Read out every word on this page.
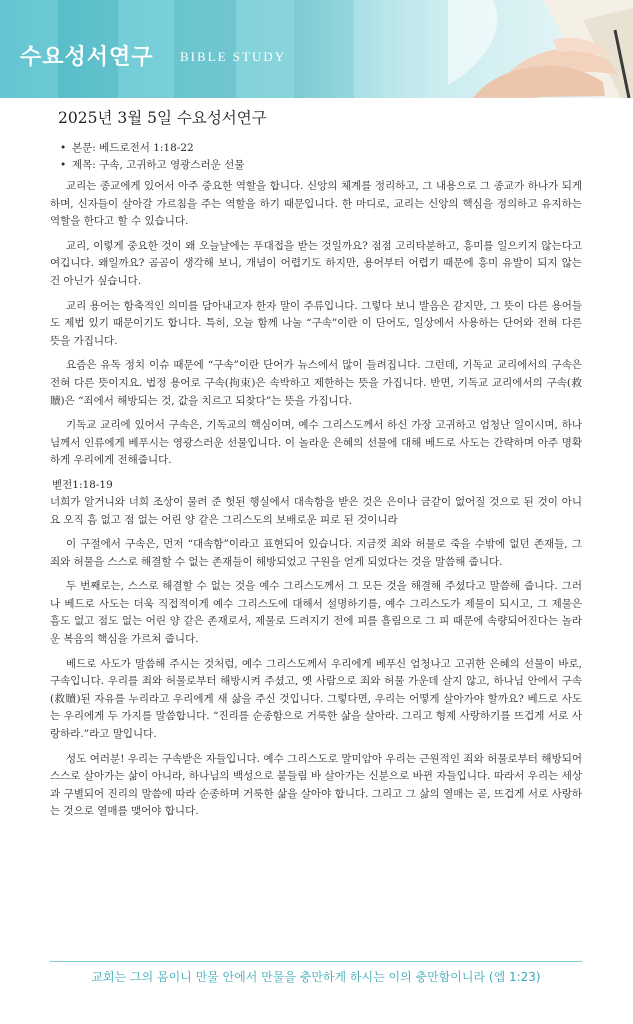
수요성서연구 BIBLE STUDY
2025년 3월 5일 수요성서연구
• 본문: 베드로전서 1:18-22
• 제목: 구속, 고귀하고 영광스러운 선물

교리는 종교에게 있어서 아주 중요한 역할을 합니다. 신앙의 체계를 정리하고, 그 내용으로 그 종교가 하나가 되게 하며, 신자들이 살아갈 가르침을 주는 역할을 하기 때문입니다. 한 마디로, 교리는 신앙의 핵심을 정의하고 유지하는 역할을 한다고 할 수 있습니다.

교리, 이렇게 중요한 것이 왜 오늘날에는 푸대접을 받는 것일까요? 점점 고리타분하고, 흥미를 일으키지 않는다고 여깁니다. 왜일까요? 곰곰이 생각해 보니, 개념이 어렵기도 하지만, 용어부터 어렵기 때문에 흥미 유발이 되지 않는 건 아닌가 싶습니다.

교리 용어는 함축적인 의미를 담아내고자 한자 말이 주류입니다. 그렇다 보니 발음은 같지만, 그 뜻이 다른 용어들도 제법 있기 때문이기도 합니다. 특히, 오늘 함께 나눌 “구속”이란 이 단어도, 일상에서 사용하는 단어와 전혀 다른 뜻을 가집니다.

요즘은 유독 정치 이슈 때문에 “구속”이란 단어가 뉴스에서 많이 들려집니다. 그런데, 기독교 교리에서의 구속은 전혀 다른 뜻이지요. 법정 용어로 구속(拘束)은 속박하고 제한하는 뜻을 가집니다. 반면, 기독교 교리에서의 구속(救贖)은 “죄에서 해방되는 것, 값을 치르고 되찾다”는 뜻을 가집니다.

기독교 교리에 있어서 구속은, 기독교의 핵심이며, 예수 그리스도께서 하신 가장 고귀하고 엄청난 일이시며, 하나님께서 인류에게 베푸시는 영광스러운 선물입니다. 이 놀라운 은혜의 선물에 대해 베드로 사도는 간략하며 아주 명확하게 우리에게 전해줍니다.

벧전1:18-19

너희가 알거니와 너희 조상이 물려 준 헛된 행실에서 대속함을 받은 것은 은이나 금같이 없어질 것으로 된 것이 아니요 오직 흠 없고 점 없는 어린 양 같은 그리스도의 보배로운 피로 된 것이니라

이 구절에서 구속은, 먼저 “대속함”이라고 표현되어 있습니다. 지금껏 죄와 허물로 죽을 수밖에 없던 존재들, 그 죄와 허물을 스스로 해결할 수 없는 존재들이 해방되었고 구원을 얻게 되었다는 것을 말씀해 줍니다.

두 번째로는, 스스로 해결할 수 없는 것을 예수 그리스도께서 그 모든 것을 해결해 주셨다고 말씀해 줍니다. 그러나 베드로 사도는 더욱 직접적이게 예수 그리스도에 대해서 설명하기를, 예수 그리스도가 제물이 되시고, 그 제물은 흠도 없고 점도 없는 어린 양 같은 존재로서, 제물로 드려지기 전에 피를 흘림으로 그 피 때문에 속량되어진다는 놀라운 복음의 핵심을 가르쳐 줍니다.

베드로 사도가 말씀해 주시는 것처럼, 예수 그리스도께서 우리에게 베푸신 엄청나고 고귀한 은혜의 선물이 바로, 구속입니다. 우리를 죄와 허물로부터 해방시켜 주셨고, 옛 사람으로 죄와 허물 가운데 살지 않고, 하나님 안에서 구속(救贖)된 자유를 누리라고 우리에게 새 삶을 주신 것입니다. 그렇다면, 우리는 어떻게 살아가야 할까요? 베드로 사도는 우리에게 두 가지를 말씀합니다. “진리를 순종함으로 거룩한 삶을 살아라. 그리고 형제 사랑하기를 뜨겁게 서로 사랑하라.”라고 말입니다.

성도 여러분! 우리는 구속받은 자들입니다. 예수 그리스도로 말미암아 우리는 근원적인 죄와 허물로부터 해방되어 스스로 살아가는 삶이 아니라, 하나님의 백성으로 붙들림 바 살아가는 신분으로 바뀐 자들입니다. 따라서 우리는 세상과 구별되어 진리의 말씀에 따라 순종하며 거룩한 삶을 살아야 합니다. 그리고 그 삶의 열매는 곧, 뜨겁게 서로 사랑하는 것으로 열매를 맺어야 합니다.

교회는 그의 몸이니 만물 안에서 만물을 충만하게 하시는 이의 충만함이니라 (엡 1:23)
